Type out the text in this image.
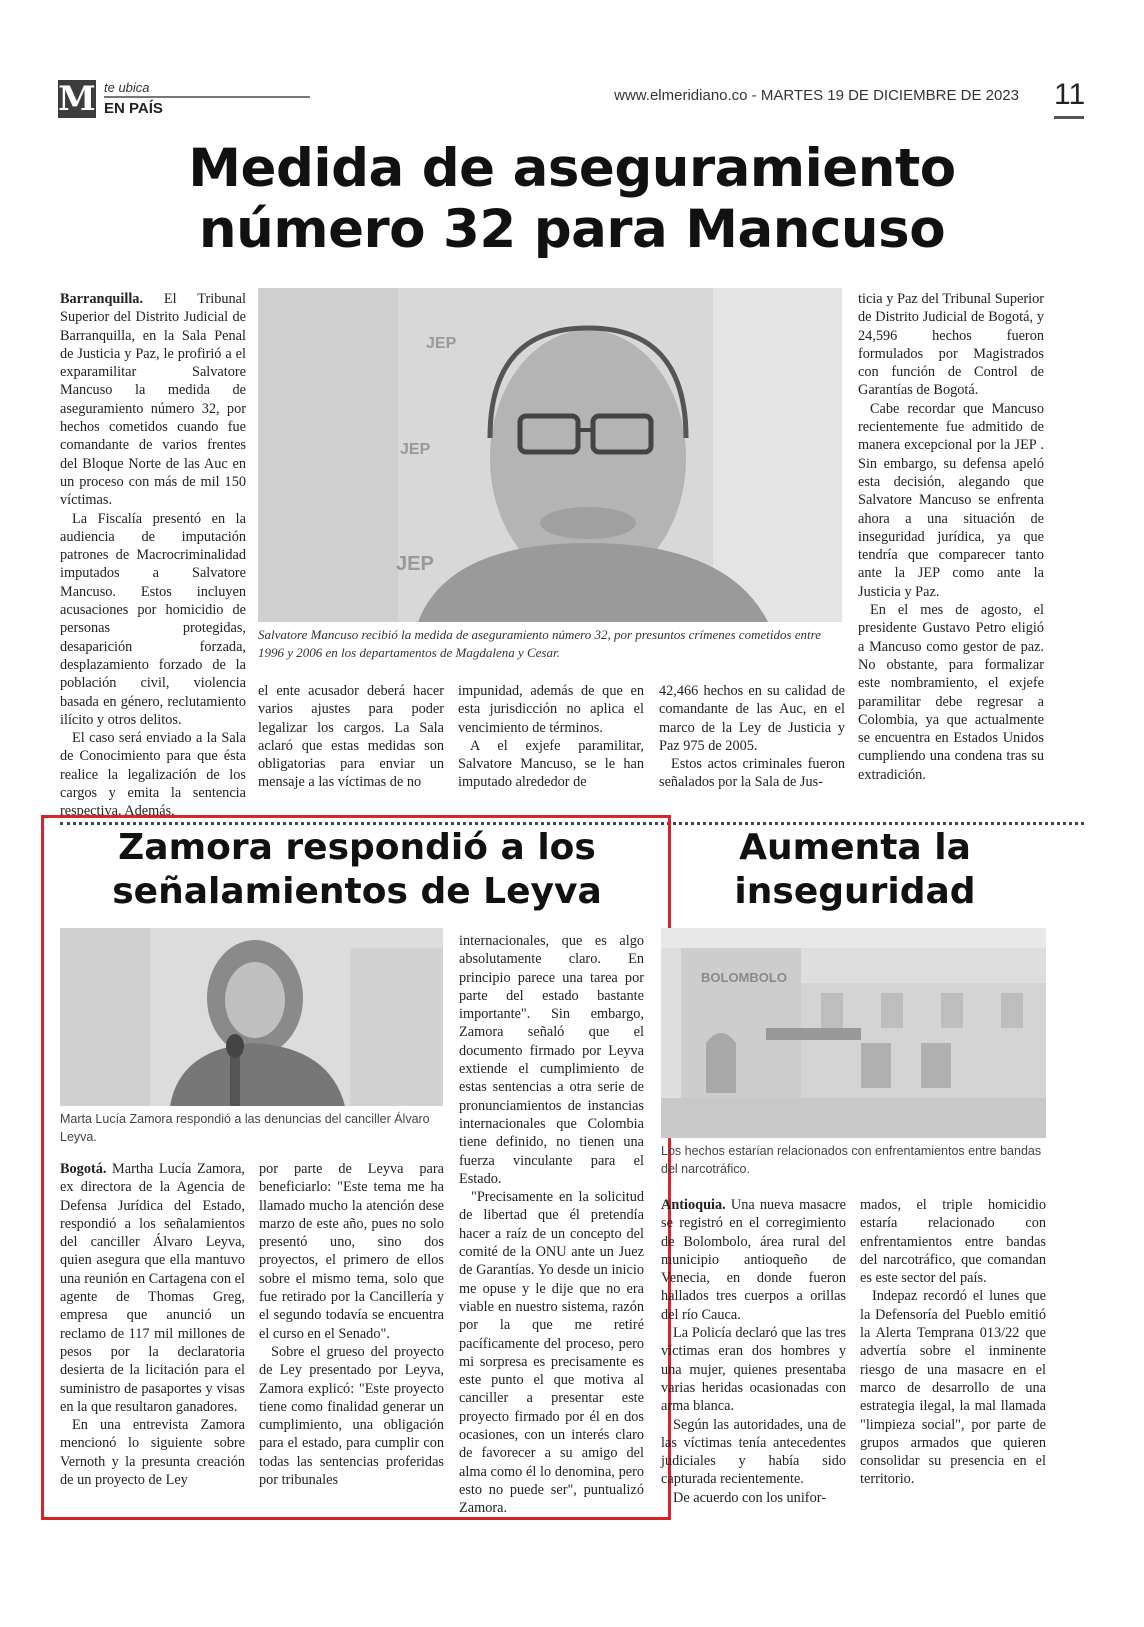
M te ubica
EN PAÍS
www.elmeridiano.co - MARTES 19 DE DICIEMBRE DE 2023 11
Medida de aseguramiento
número 32 para Mancuso

Barranquilla. El Tribunal Superior del Distrito Judicial de Barranquilla, en la Sala Penal de Justicia y Paz, le profirió a el exparamilitar Salvatore Mancuso la medida de aseguramiento número 32, por hechos cometidos cuando fue comandante de varios frentes del Bloque Norte de las Auc en un proceso con más de mil 150 víctimas.

La Fiscalía presentó en la audiencia de imputación patrones de Macrocriminalidad imputados a Salvatore Mancuso. Estos incluyen acusaciones por homicidio de personas protegidas, desaparición forzada, desplazamiento forzado de la población civil, violencia basada en género, reclutamiento ilícito y otros delitos.

El caso será enviado a la Sala de Conocimiento para que ésta realice la legalización de los cargos y emita la sentencia respectiva. Además,

JEP
JEP
JEP
Salvatore Mancuso recibió la medida de aseguramiento número 32, por presuntos crímenes cometidos entre 1996 y 2006 en los departamentos de Magdalena y Cesar.

el ente acusador deberá hacer varios ajustes para poder legalizar los cargos. La Sala aclaró que estas medidas son obligatorias para enviar un mensaje a las víctimas de no

impunidad, además de que en esta jurisdicción no aplica el vencimiento de términos.

A el exjefe paramilitar, Salvatore Mancuso, se le han imputado alrededor de

42,466 hechos en su calidad de comandante de las Auc, en el marco de la Ley de Justicia y Paz 975 de 2005.

Estos actos criminales fueron señalados por la Sala de Jus-

ticia y Paz del Tribunal Superior de Distrito Judicial de Bogotá, y 24,596 hechos fueron formulados por Magistrados con función de Control de Garantías de Bogotá.

Cabe recordar que Mancuso recientemente fue admitido de manera excepcional por la JEP . Sin embargo, su defensa apeló esta decisión, alegando que Salvatore Mancuso se enfrenta ahora a una situación de inseguridad jurídica, ya que tendría que comparecer tanto ante la JEP como ante la Justicia y Paz.

En el mes de agosto, el presidente Gustavo Petro eligió a Mancuso como gestor de paz. No obstante, para formalizar este nombramiento, el exjefe paramilitar debe regresar a Colombia, ya que actualmente se encuentra en Estados Unidos cumpliendo una condena tras su extradición.

Zamora respondió a los
señalamientos de Leyva
Marta Lucía Zamora respondió a las denuncias del canciller Álvaro Leyva.

Bogotá. Martha Lucía Zamora, ex directora de la Agencia de Defensa Jurídica del Estado, respondió a los señalamientos del canciller Álvaro Leyva, quien asegura que ella mantuvo una reunión en Cartagena con el agente de Thomas Greg, empresa que anunció un reclamo de 117 mil millones de pesos por la declaratoria desierta de la licitación para el suministro de pasaportes y visas en la que resultaron ganadores.

En una entrevista Zamora mencionó lo siguiente sobre Vernoth y la presunta creación de un proyecto de Ley

por parte de Leyva para beneficiarlo: "Este tema me ha llamado mucho la atención dese marzo de este año, pues no solo presentó uno, sino dos proyectos, el primero de ellos sobre el mismo tema, solo que fue retirado por la Cancillería y el segundo todavía se encuentra el curso en el Senado".

Sobre el grueso del proyecto de Ley presentado por Leyva, Zamora explicó: "Este proyecto tiene como finalidad generar un cumplimiento, una obligación para el estado, para cumplir con todas las sentencias proferidas por tribunales

internacionales, que es algo absolutamente claro. En principio parece una tarea por parte del estado bastante importante". Sin embargo, Zamora señaló que el documento firmado por Leyva extiende el cumplimiento de estas sentencias a otra serie de pronunciamientos de instancias internacionales que Colombia tiene definido, no tienen una fuerza vinculante para el Estado.

"Precisamente en la solicitud de libertad que él pretendía hacer a raíz de un concepto del comité de la ONU ante un Juez de Garantías. Yo desde un inicio me opuse y le dije que no era viable en nuestro sistema, razón por la que me retiré pacíficamente del proceso, pero mi sorpresa es precisamente es este punto el que motiva al canciller a presentar este proyecto firmado por él en dos ocasiones, con un interés claro de favorecer a su amigo del alma como él lo denomina, pero esto no puede ser", puntualizó Zamora.

Aumenta la
inseguridad
BOLOMBOLO
Los hechos estarían relacionados con enfrentamientos entre bandas del narcotráfico.

Antioquia. Una nueva masacre se registró en el corregimiento de Bolombolo, área rural del municipio antioqueño de Venecia, en donde fueron hallados tres cuerpos a orillas del río Cauca.

La Policía declaró que las tres víctimas eran dos hombres y una mujer, quienes presentaba varias heridas ocasionadas con arma blanca.

Según las autoridades, una de las víctimas tenía antecedentes judiciales y había sido capturada recientemente.

De acuerdo con los unifor-

mados, el triple homicidio estaría relacionado con enfrentamientos entre bandas del narcotráfico, que comandan es este sector del país.

Indepaz recordó el lunes que la Defensoría del Pueblo emitió la Alerta Temprana 013/22 que advertía sobre el inminente riesgo de una masacre en el marco de desarrollo de una estrategia ilegal, la mal llamada "limpieza social", por parte de grupos armados que quieren consolidar su presencia en el territorio.
